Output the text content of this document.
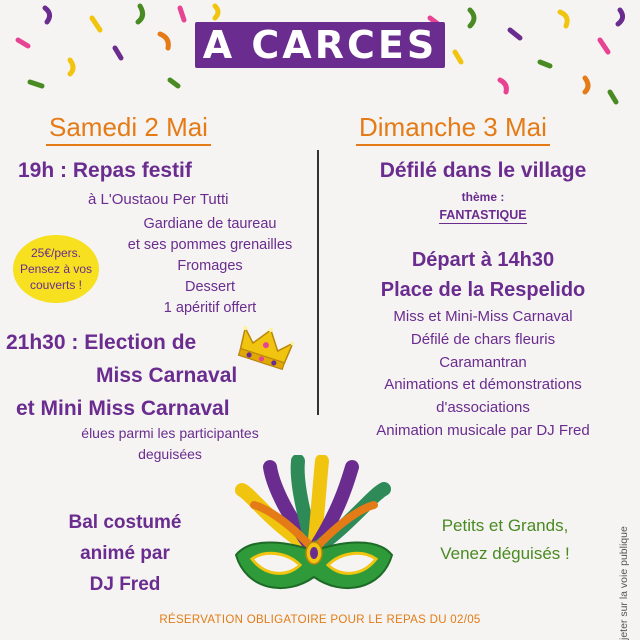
A CARCES
Samedi 2 Mai
19h : Repas festif
à L'Oustaou Per Tutti
Gardiane de taureau
et ses pommes grenailles
Fromages
Dessert
1 apéritif offert
25€/pers.
Pensez à vos
couverts !
21h30 : Election de
Miss Carnaval
et Mini Miss Carnaval
élues parmi les participantes
deguisées
Dimanche 3 Mai
Défilé dans le village
thème :
FANTASTIQUE
Départ à 14h30
Place de la Respelido
Miss et Mini-Miss Carnaval
Défilé de chars fleuris
Caramantran
Animations et démonstrations
d'associations
Animation musicale par DJ Fred
Bal costumé
animé par
DJ Fred
Petits et Grands,
Venez déguisés !
RÉSERVATION OBLIGATOIRE POUR LE REPAS DU 02/05	jeter sur la voie publique
